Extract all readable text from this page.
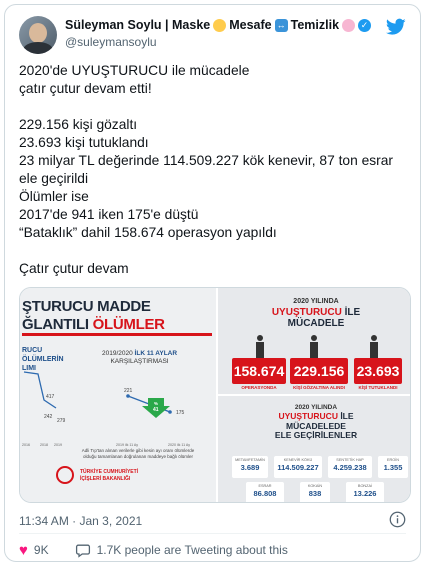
Süleyman Soylu | Maske Mesafe ↔ Temizlik	✓
@suleymansoylu
2020'de UYUŞTURUCU ile mücadele
çatır çutur devam etti!
229.156 kişi gözaltı
23.693 kişi tutuklandı
23 milyar TL değerinde 114.509.227 kök kenevir, 87 ton esrar ele geçirildi
Ölümler ise
2017'de 941 iken 175'e düştü
“Bataklık” dahil 158.674 operasyon yapıldı
Çatır çutur devam
ŞTURUCU MADDE
ĞLANTILI ÖLÜMLER
RUCU
ÖLÜMLERİN
LIMI
2019/2020 İLK 11 AYLAR
KARŞILAŞTIRMASI
417
242
279
221
175
%
41
2016	2018 2019	2019 ilk 11 Ay	2020 ilk 11 Ay
Adli Tıp'tan alınan verilerle gibi kesin ayı oranı ölümlerde olduğu tamamlanan doğrulanan maddeye bağlı ölümler
TÜRKİYE CUMHURİYETİ
İÇİŞLERİ BAKANLIĞI
2020 YILINDA
UYUŞTURUCU İLE
MÜCADELE
158.674
OPERASYONDA
229.156
KİŞİ GÖZALTINA ALINDI
23.693
KİŞİ TUTUKLANDI
2020 YILINDA
UYUŞTURUCU İLE
MÜCADELEDE
ELE GEÇİRİLENLER
METAMFETAMİN
3.689
KENEVİR KÖKÜ
114.509.227
SENTETİK HAP
4.259.238
EROİN
1.355
ESRAR
86.808
KOKAİN
838
BONZAİ
13.226
11:34 AM · Jan 3, 2021
♥ 9K	1.7K people are Tweeting about this
